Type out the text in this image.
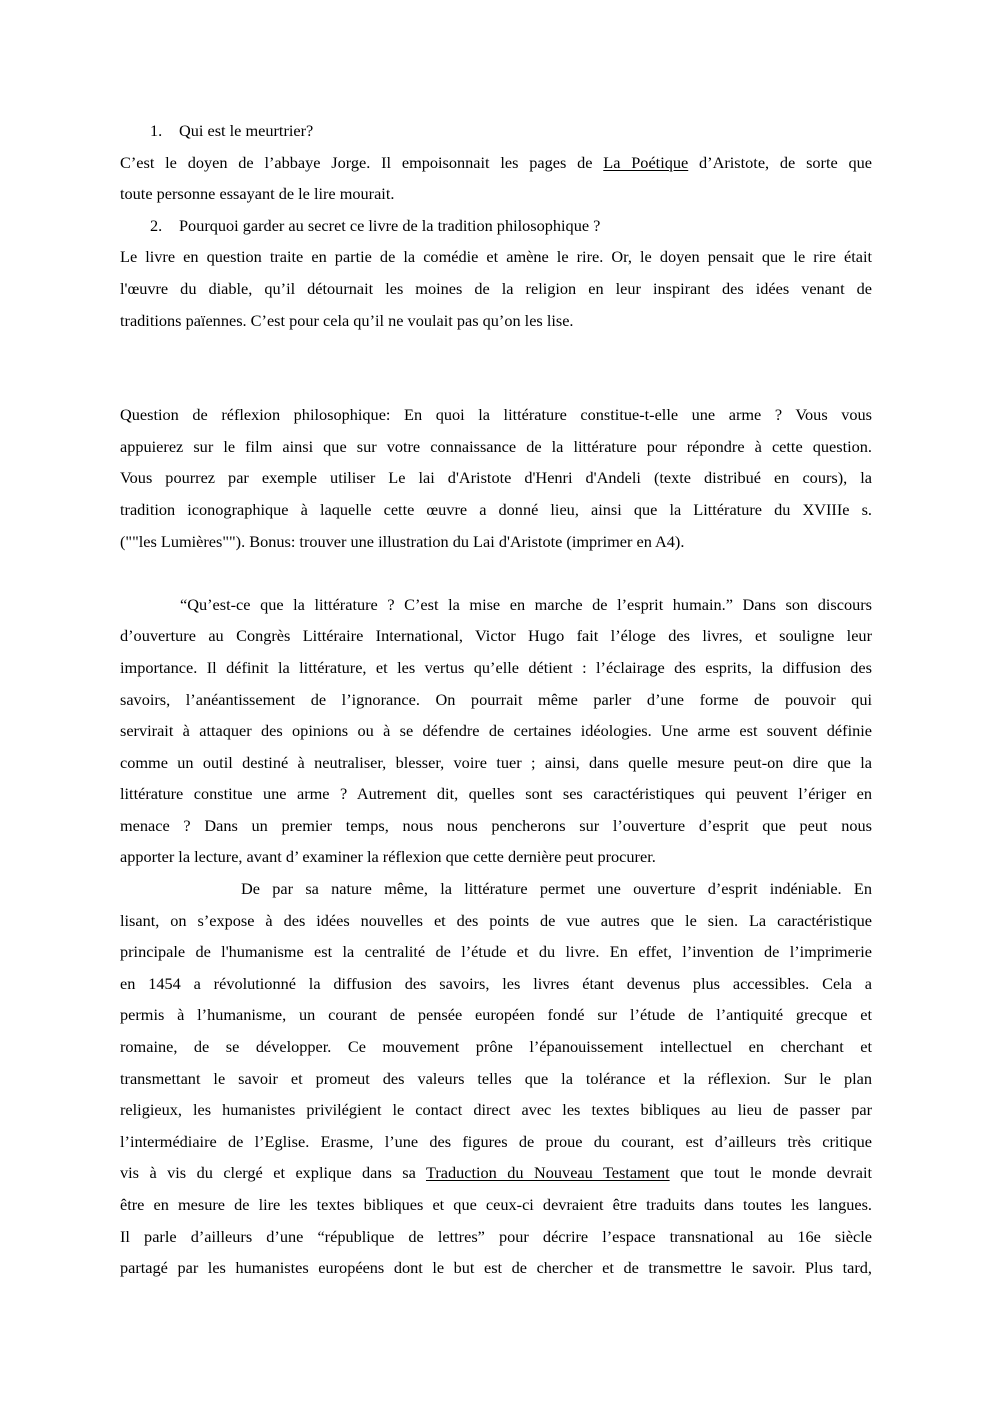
1. Qui est le meurtrier?
C’est le doyen de l’abbaye Jorge. Il empoisonnait les pages de La Poétique d’Aristote, de sorte que
toute personne essayant de le lire mourait.
2. Pourquoi garder au secret ce livre de la tradition philosophique ?
Le livre en question traite en partie de la comédie et amène le rire. Or, le doyen pensait que le rire était
l'œuvre du diable, qu’il détournait les moines de la religion en leur inspirant des idées venant de
traditions païennes. C’est pour cela qu’il ne voulait pas qu’on les lise.
Question de réflexion philosophique: En quoi la littérature constitue-t-elle une arme ? Vous vous
appuierez sur le film ainsi que sur votre connaissance de la littérature pour répondre à cette question.
Vous pourrez par exemple utiliser Le lai d'Aristote d'Henri d'Andeli (texte distribué en cours), la
tradition iconographique à laquelle cette œuvre a donné lieu, ainsi que la Littérature du XVIIIe s.
(""les Lumières""). Bonus: trouver une illustration du Lai d'Aristote (imprimer en A4).
“Qu’est-ce que la littérature ? C’est la mise en marche de l’esprit humain.” Dans son discours
d’ouverture au Congrès Littéraire International, Victor Hugo fait l’éloge des livres, et souligne leur
importance. Il définit la littérature, et les vertus qu’elle détient : l’éclairage des esprits, la diffusion des
savoirs, l’anéantissement de l’ignorance. On pourrait même parler d’une forme de pouvoir qui
servirait à attaquer des opinions ou à se défendre de certaines idéologies. Une arme est souvent définie
comme un outil destiné à neutraliser, blesser, voire tuer ; ainsi, dans quelle mesure peut-on dire que la
littérature constitue une arme ? Autrement dit, quelles sont ses caractéristiques qui peuvent l’ériger en
menace ? Dans un premier temps, nous nous pencherons sur l’ouverture d’esprit que peut nous
apporter la lecture, avant d’ examiner la réflexion que cette dernière peut procurer.
De par sa nature même, la littérature permet une ouverture d’esprit indéniable. En
lisant, on s’expose à des idées nouvelles et des points de vue autres que le sien. La caractéristique
principale de l'humanisme est la centralité de l’étude et du livre. En effet, l’invention de l’imprimerie
en 1454 a révolutionné la diffusion des savoirs, les livres étant devenus plus accessibles. Cela a
permis à l’humanisme, un courant de pensée européen fondé sur l’étude de l’antiquité grecque et
romaine, de se développer. Ce mouvement prône l’épanouissement intellectuel en cherchant et
transmettant le savoir et promeut des valeurs telles que la tolérance et la réflexion. Sur le plan
religieux, les humanistes privilégient le contact direct avec les textes bibliques au lieu de passer par
l’intermédiaire de l’Eglise. Erasme, l’une des figures de proue du courant, est d’ailleurs très critique
vis à vis du clergé et explique dans sa Traduction du Nouveau Testament que tout le monde devrait
être en mesure de lire les textes bibliques et que ceux-ci devraient être traduits dans toutes les langues.
Il parle d’ailleurs d’une “république de lettres” pour décrire l’espace transnational au 16e siècle
partagé par les humanistes européens dont le but est de chercher et de transmettre le savoir. Plus tard,
